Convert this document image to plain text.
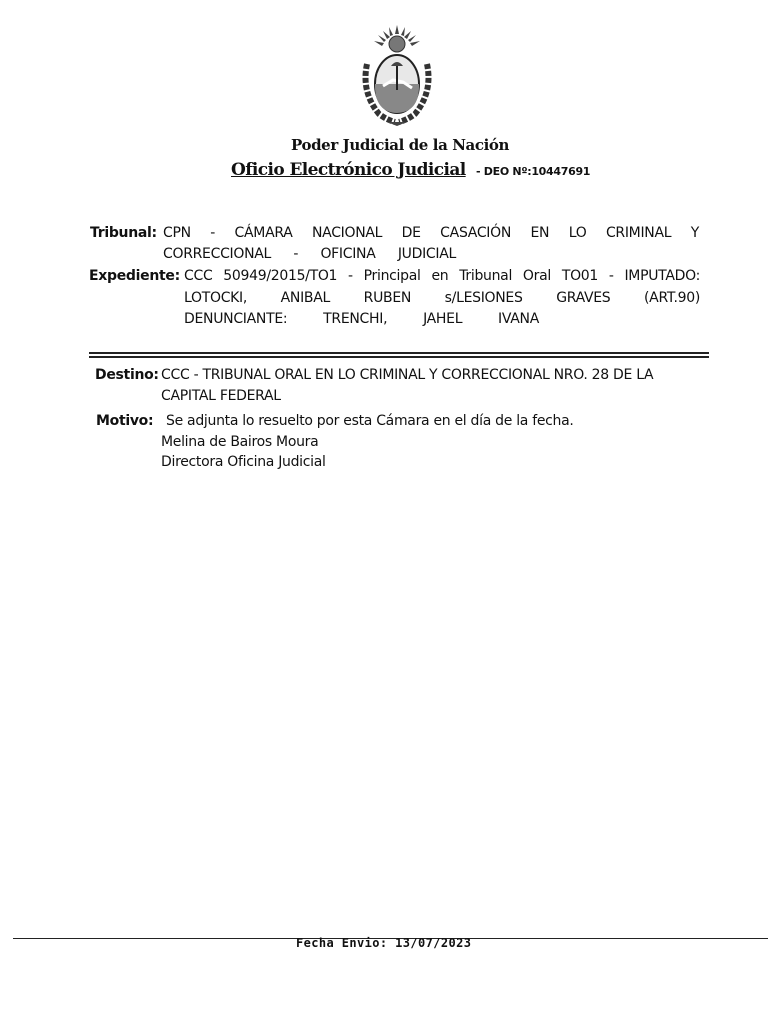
Poder Judicial de la Nación
Oficio Electrónico Judicial - DEO Nº:10447691
Tribunal: CPN - CÁMARA NACIONAL DE CASACIÓN EN LO CRIMINAL Y
CORRECCIONAL - OFICINA JUDICIAL
Expediente: CCC 50949/2015/TO1 - Principal en Tribunal Oral TO01 - IMPUTADO:
LOTOCKI, ANIBAL RUBEN s/LESIONES GRAVES (ART.90)
DENUNCIANTE: TRENCHI, JAHEL IVANA
Destino: CCC - TRIBUNAL ORAL EN LO CRIMINAL Y CORRECCIONAL NRO. 28 DE LA
CAPITAL FEDERAL
Motivo: Se adjunta lo resuelto por esta Cámara en el día de la fecha.
Melina de Bairos Moura
Directora Oficina Judicial
Fecha Envio: 13/07/2023
